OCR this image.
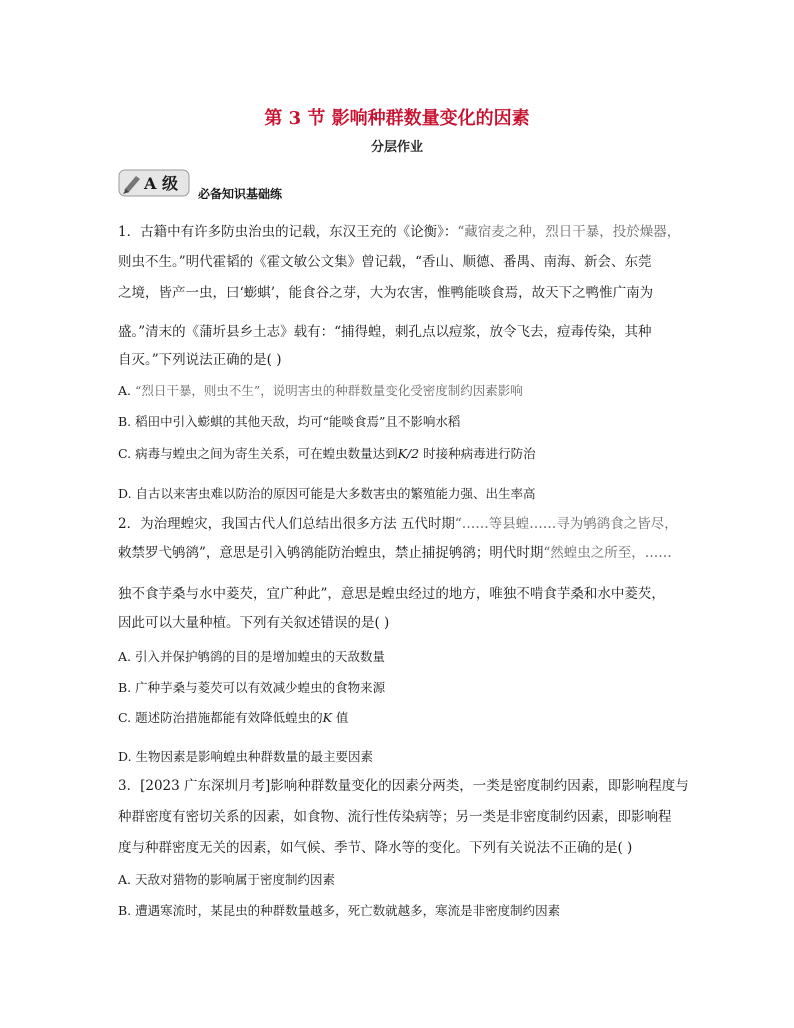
第 3 节 影响种群数量变化的因素
分层作业
A 级
必备知识基础练
1．古籍中有许多防虫治虫的记载，东汉王充的《论衡》：“藏宿麦之种，烈日干暴，投於燥器，
则虫不生。”明代霍韬的《霍文敏公文集》曾记载，“香山、顺德、番禺、南海、新会、东莞
之境，皆产一虫，曰‘蟛蜞’，能食谷之芽，大为农害，惟鸭能啖食焉，故天下之鸭惟广南为
盛。”清末的《蒲圻县乡土志》载有：“捕得蝗，刺孔点以痘浆，放令飞去，痘毒传染，其种
自灭。”下列说法正确的是( )
A. “烈日干暴，则虫不生”，说明害虫的种群数量变化受密度制约因素影响
B. 稻田中引入蟛蜞的其他天敌，均可“能啖食焉”且不影响水稻
C. 病毒与蝗虫之间为寄生关系，可在蝗虫数量达到K/2 时接种病毒进行防治
D. 自古以来害虫难以防治的原因可能是大多数害虫的繁殖能力强、出生率高
2．为治理蝗灾，我国古代人们总结出很多方法 五代时期“……等县蝗……寻为鸲鹆食之皆尽，
敕禁罗弋鸲鹆”，意思是引入鸲鹆能防治蝗虫，禁止捕捉鸲鹆；明代时期“然蝗虫之所至，……
独不食芋桑与水中菱芡，宜广种此”，意思是蝗虫经过的地方，唯独不啃食芋桑和水中菱芡，
因此可以大量种植。下列有关叙述错误的是( )
A. 引入并保护鸲鹆的目的是增加蝗虫的天敌数量
B. 广种芋桑与菱芡可以有效减少蝗虫的食物来源
C. 题述防治措施都能有效降低蝗虫的K 值
D. 生物因素是影响蝗虫种群数量的最主要因素
3．[2023 广东深圳月考]影响种群数量变化的因素分两类，一类是密度制约因素，即影响程度与
种群密度有密切关系的因素，如食物、流行性传染病等；另一类是非密度制约因素，即影响程
度与种群密度无关的因素，如气候、季节、降水等的变化。下列有关说法不正确的是( )
A. 天敌对猎物的影响属于密度制约因素
B. 遭遇寒流时，某昆虫的种群数量越多，死亡数就越多，寒流是非密度制约因素
